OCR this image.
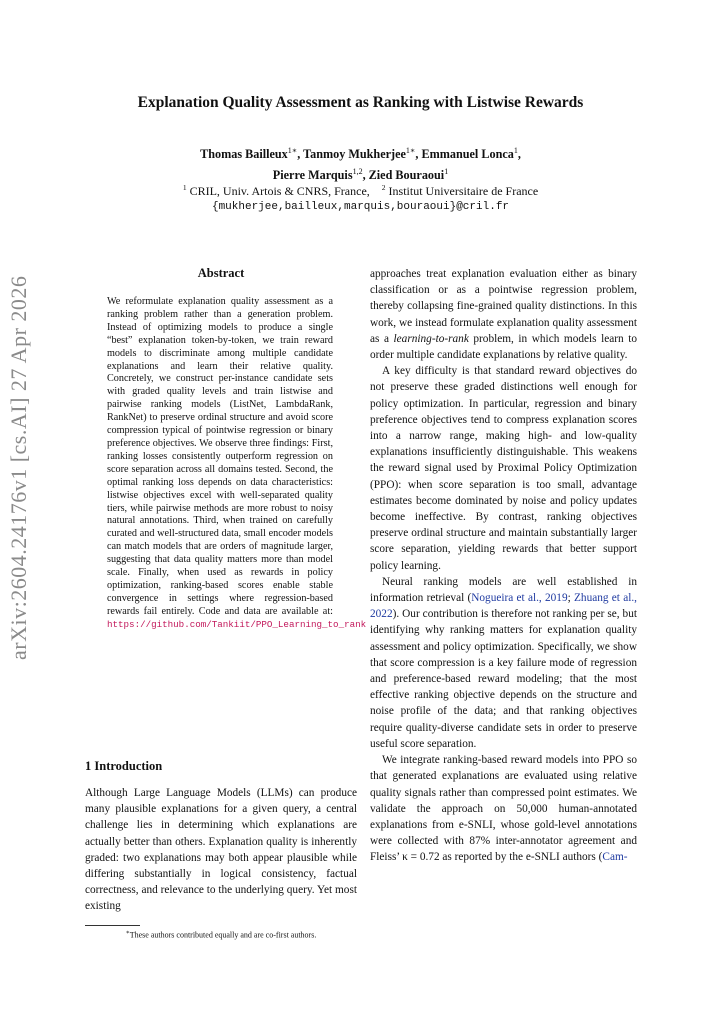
arXiv:2604.24176v1 [cs.AI] 27 Apr 2026
Explanation Quality Assessment as Ranking with Listwise Rewards
Thomas Bailleux$^{1∗}$, Tanmoy Mukherjee$^{1∗}$, Emmanuel Lonca$^1$,
Pierre Marquis$^{1,2}$, Zied Bouraoui$^1$
$^1$ CRIL, Univ. Artois & CNRS, France, $^2$ Institut Universitaire de France
{mukherjee,bailleux,marquis,bouraoui}@cril.fr
Abstract
We reformulate explanation quality assessment as a ranking problem rather than a generation problem. Instead of optimizing models to produce a single “best” explanation token-by-token, we train reward models to discriminate among multiple candidate explanations and learn their relative quality. Concretely, we construct per-instance candidate sets with graded quality levels and train listwise and pairwise ranking models (ListNet, LambdaRank, RankNet) to preserve ordinal structure and avoid score compression typical of pointwise regression or binary preference objectives. We observe three findings: First, ranking losses consistently outperform regression on score separation across all domains tested. Second, the optimal ranking loss depends on data characteristics: listwise objectives excel with well-separated quality tiers, while pairwise methods are more robust to noisy natural annotations. Third, when trained on carefully curated and well-structured data, small encoder models can match models that are orders of magnitude larger, suggesting that data quality matters more than model scale. Finally, when used as rewards in policy optimization, ranking-based scores enable stable convergence in settings where regression-based rewards fail entirely. Code and data are available at: https://github.com/Tankiit/PPO_Learning_to_rank
1 Introduction
Although Large Language Models (LLMs) can produce many plausible explanations for a given query, a central challenge lies in determining which explanations are actually better than others. Explanation quality is inherently graded: two explanations may both appear plausible while differing substantially in logical consistency, factual correctness, and relevance to the underlying query. Yet most existing
∗These authors contributed equally and are co-first authors.

approaches treat explanation evaluation either as binary classification or as a pointwise regression problem, thereby collapsing fine-grained quality distinctions. In this work, we instead formulate explanation quality assessment as a learning-to-rank problem, in which models learn to order multiple candidate explanations by relative quality.

A key difficulty is that standard reward objectives do not preserve these graded distinctions well enough for policy optimization. In particular, regression and binary preference objectives tend to compress explanation scores into a narrow range, making high- and low-quality explanations insufficiently distinguishable. This weakens the reward signal used by Proximal Policy Optimization (PPO): when score separation is too small, advantage estimates become dominated by noise and policy updates become ineffective. By contrast, ranking objectives preserve ordinal structure and maintain substantially larger score separation, yielding rewards that better support policy learning.

Neural ranking models are well established in information retrieval (Nogueira et al., 2019; Zhuang et al., 2022). Our contribution is therefore not ranking per se, but identifying why ranking matters for explanation quality assessment and policy optimization. Specifically, we show that score compression is a key failure mode of regression and preference-based reward modeling; that the most effective ranking objective depends on the structure and noise profile of the data; and that ranking objectives require quality-diverse candidate sets in order to preserve useful score separation.

We integrate ranking-based reward models into PPO so that generated explanations are evaluated using relative quality signals rather than compressed point estimates. We validate the approach on 50,000 human-annotated explanations from e-SNLI, whose gold-level annotations were collected with 87% inter-annotator agreement and Fleiss’ κ = 0.72 as reported by the e-SNLI authors (Cam-
